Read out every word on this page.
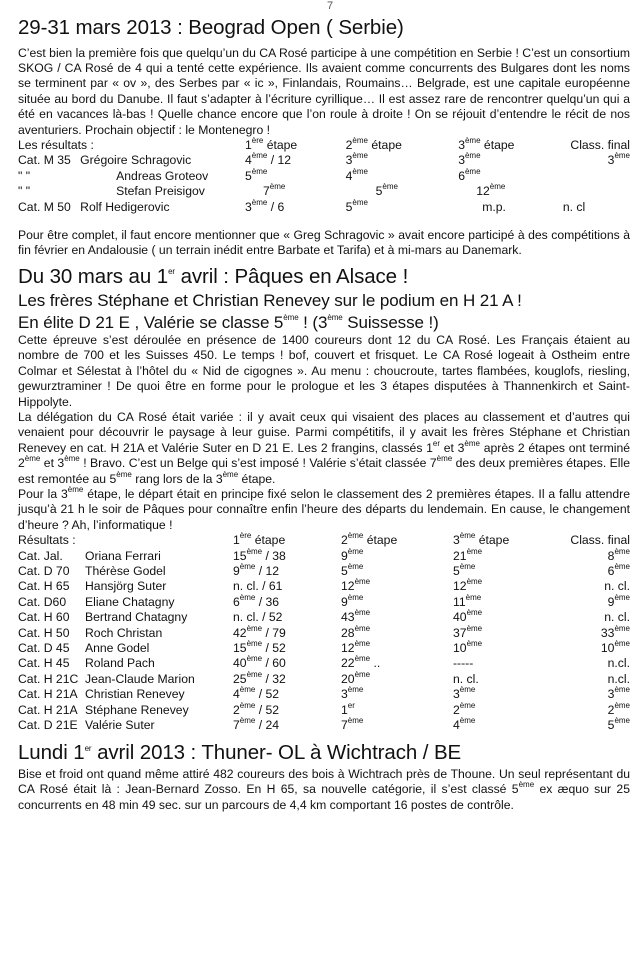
7
29-31 mars 2013 : Beograd Open ( Serbie)

C’est bien la première fois que quelqu’un du CA Rosé participe à une compétition en Serbie ! C’est un consortium SKOG / CA Rosé de 4 qui a tenté cette expérience. Ils avaient comme concurrents des Bulgares dont les noms se terminent par « ov », des Serbes par « ic », Finlandais, Roumains… Belgrade, est une capitale européenne située au bord du Danube. Il faut s’adapter à l’écriture cyrillique… Il est assez rare de rencontrer quelqu’un qui a été en vacances là-bas ! Quelle chance encore que l’on roule à droite ! On se réjouit d’entendre le récit de nos aventuriers. Prochain objectif : le Montenegro !

Les résultats :		1ère étape	2ème étape	3ème étape	Class. final
Cat. M 35	Grégoire Schragovic	4ème / 12	3ème	3ème	3ème
" "	Andreas Groteov	5ème	4ème	6ème	
" "	Stefan Preisigov	7ème	5ème	12ème	
Cat. M 50	Rolf Hedigerovic	3ème / 6	5ème	m.p.	n. cl

Pour être complet, il faut encore mentionner que « Greg Schragovic » avait encore participé à des compétitions à fin février en Andalousie ( un terrain inédit entre Barbate et Tarifa) et à mi-mars au Danemark.

Du 30 mars au 1er avril : Pâques en Alsace !
Les frères Stéphane et Christian Renevey sur le podium en H 21 A !
En élite D 21 E , Valérie se classe 5ème ! (3ème Suissesse !)

Cette épreuve s’est déroulée en présence de 1400 coureurs dont 12 du CA Rosé. Les Français étaient au nombre de 700 et les Suisses 450. Le temps ! bof, couvert et frisquet. Le CA Rosé logeait à Ostheim entre Colmar et Sélestat à l’hôtel du « Nid de cigognes ». Au menu : choucroute, tartes flambées, kouglofs, riesling, gewurztraminer ! De quoi être en forme pour le prologue et les 3 étapes disputées à Thannenkirch et Saint-Hippolyte.

La délégation du CA Rosé était variée : il y avait ceux qui visaient des places au classement et d’autres qui venaient pour découvrir le paysage à leur guise. Parmi compétitifs, il y avait les frères Stéphane et Christian Renevey en cat. H 21A et Valérie Suter en D 21 E. Les 2 frangins, classés 1er et 3ème après 2 étapes ont terminé 2ème et 3ème ! Bravo. C’est un Belge qui s’est imposé ! Valérie s’était classée 7ème des deux premières étapes. Elle est remontée au 5ème rang lors de la 3ème étape.

Pour la 3ème étape, le départ était en principe fixé selon le classement des 2 premières étapes. Il a fallu attendre jusqu’à 21 h le soir de Pâques pour connaître enfin l’heure des départs du lendemain. En cause, le changement d’heure ? Ah, l’informatique !

Résultats :		1ère étape	2ème étape	3ème étape	Class. final
Cat. Jal.	Oriana Ferrari	15ème / 38	9ème	21ème	8ème
Cat. D 70	Thérèse Godel	9ème / 12	5ème	5ème	6ème
Cat. H 65	Hansjörg Suter	n. cl. / 61	12ème	12ème	n. cl.
Cat. D60	Eliane Chatagny	6ème / 36	9ème	11ème	9ème
Cat. H 60	Bertrand Chatagny	n. cl. / 52	43ème	40ème	n. cl.
Cat. H 50	Roch Christan	42ème / 79	28ème	37ème	33ème
Cat. D 45	Anne Godel	15ème / 52	12ème	10ème	10ème
Cat. H 45	Roland Pach	40ème / 60	22ème ..	-----	n.cl.
Cat. H 21C	Jean-Claude Marion	25ème / 32	20ème	n. cl.	n.cl.
Cat. H 21A	Christian Renevey	4ème / 52	3ème	3ème	3ème
Cat. H 21A	Stéphane Renevey	2ème / 52	1er	2ème	2ème
Cat. D 21E	Valérie Suter	7ème / 24	7ème	4ème	5ème
Lundi 1er avril 2013 : Thuner- OL à Wichtrach / BE

Bise et froid ont quand même attiré 482 coureurs des bois à Wichtrach près de Thoune. Un seul représentant du CA Rosé était là : Jean-Bernard Zosso. En H 65, sa nouvelle catégorie, il s’est classé 5ème ex æquo sur 25 concurrents en 48 min 49 sec. sur un parcours de 4,4 km comportant 16 postes de contrôle.
